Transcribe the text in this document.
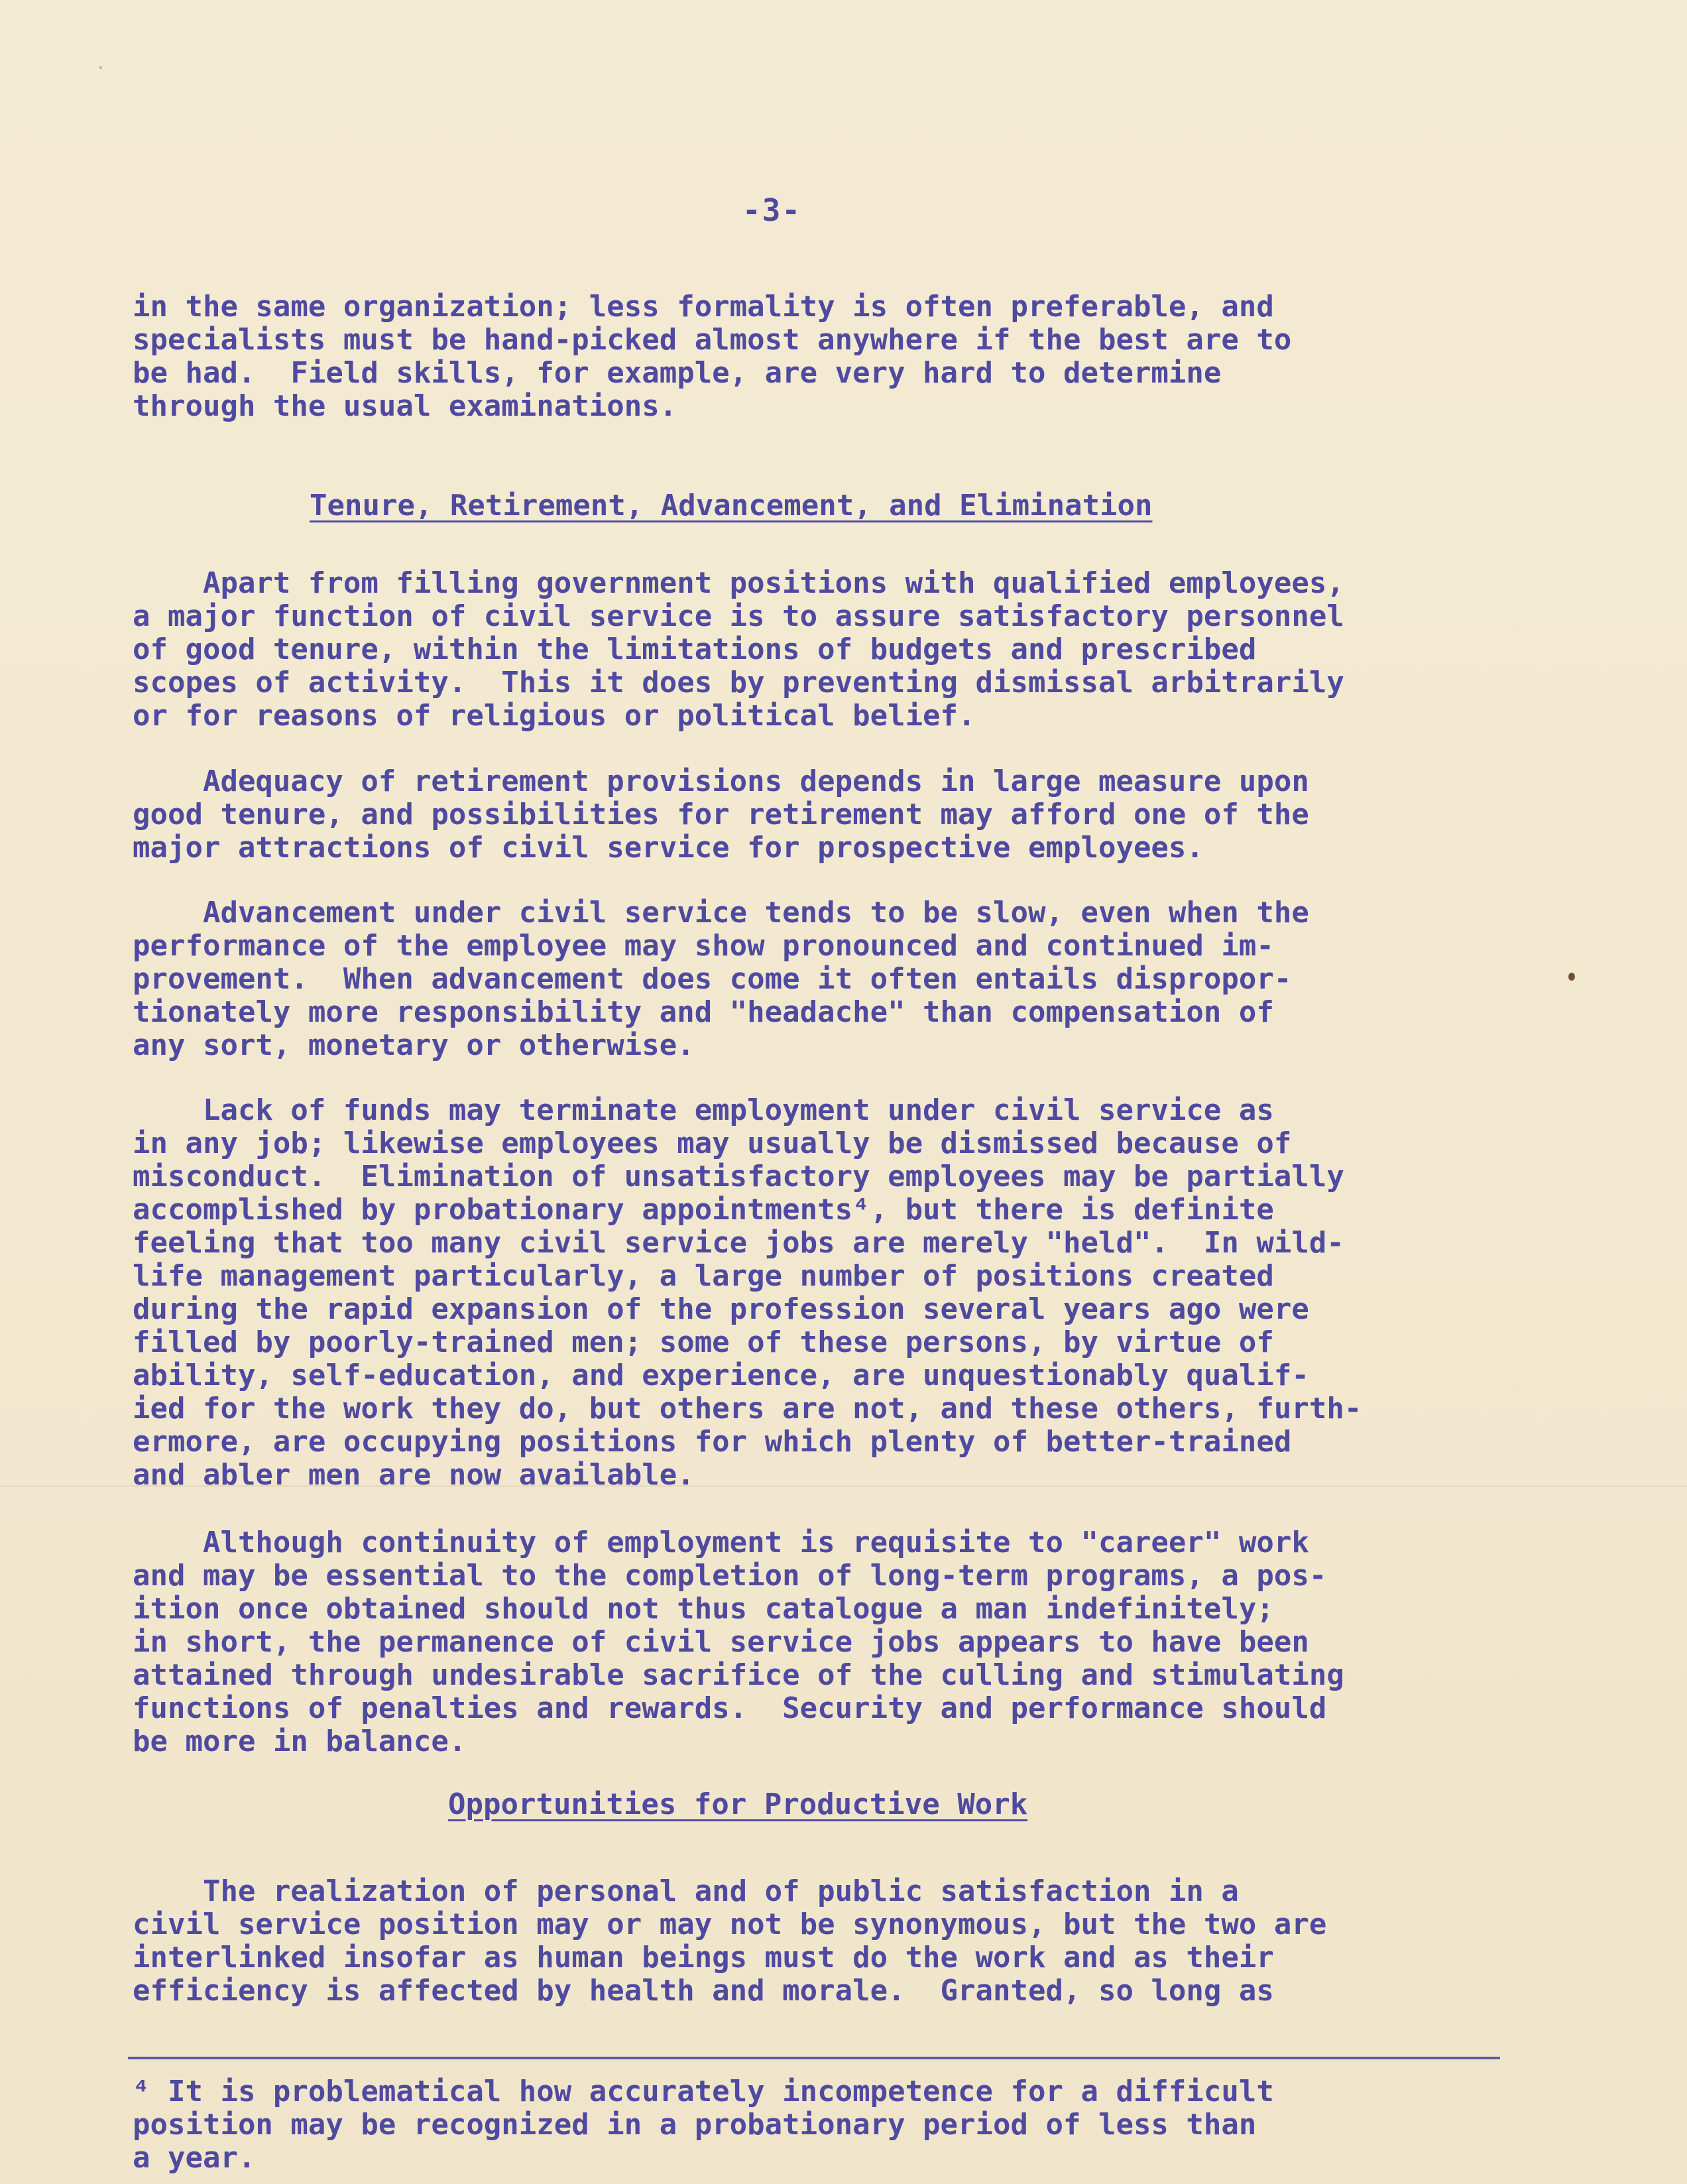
-3-

in the same organization; less formality is often preferable, and
specialists must be hand-picked almost anywhere if the best are to
be had.  Field skills, for example, are very hard to determine
through the usual examinations.

Tenure, Retirement, Advancement, and Elimination

Apart from filling government positions with qualified employees,
a major function of civil service is to assure satisfactory personnel
of good tenure, within the limitations of budgets and prescribed
scopes of activity.  This it does by preventing dismissal arbitrarily
or for reasons of religious or political belief.

Adequacy of retirement provisions depends in large measure upon
good tenure, and possibilities for retirement may afford one of the
major attractions of civil service for prospective employees.

Advancement under civil service tends to be slow, even when the
performance of the employee may show pronounced and continued im-
provement.  When advancement does come it often entails dispropor-
tionately more responsibility and "headache" than compensation of
any sort, monetary or otherwise.

Lack of funds may terminate employment under civil service as
in any job; likewise employees may usually be dismissed because of
misconduct.  Elimination of unsatisfactory employees may be partially
accomplished by probationary appointments⁴, but there is definite
feeling that too many civil service jobs are merely "held".  In wild-
life management particularly, a large number of positions created
during the rapid expansion of the profession several years ago were
filled by poorly-trained men; some of these persons, by virtue of
ability, self-education, and experience, are unquestionably qualif-
ied for the work they do, but others are not, and these others, furth-
ermore, are occupying positions for which plenty of better-trained
and abler men are now available.

Although continuity of employment is requisite to "career" work
and may be essential to the completion of long-term programs, a pos-
ition once obtained should not thus catalogue a man indefinitely;
in short, the permanence of civil service jobs appears to have been
attained through undesirable sacrifice of the culling and stimulating
functions of penalties and rewards.  Security and performance should
be more in balance.

Opportunities for Productive Work

The realization of personal and of public satisfaction in a
civil service position may or may not be synonymous, but the two are
interlinked insofar as human beings must do the work and as their
efficiency is affected by health and morale.  Granted, so long as

⁴ It is problematical how accurately incompetence for a difficult
position may be recognized in a probationary period of less than
a year.
